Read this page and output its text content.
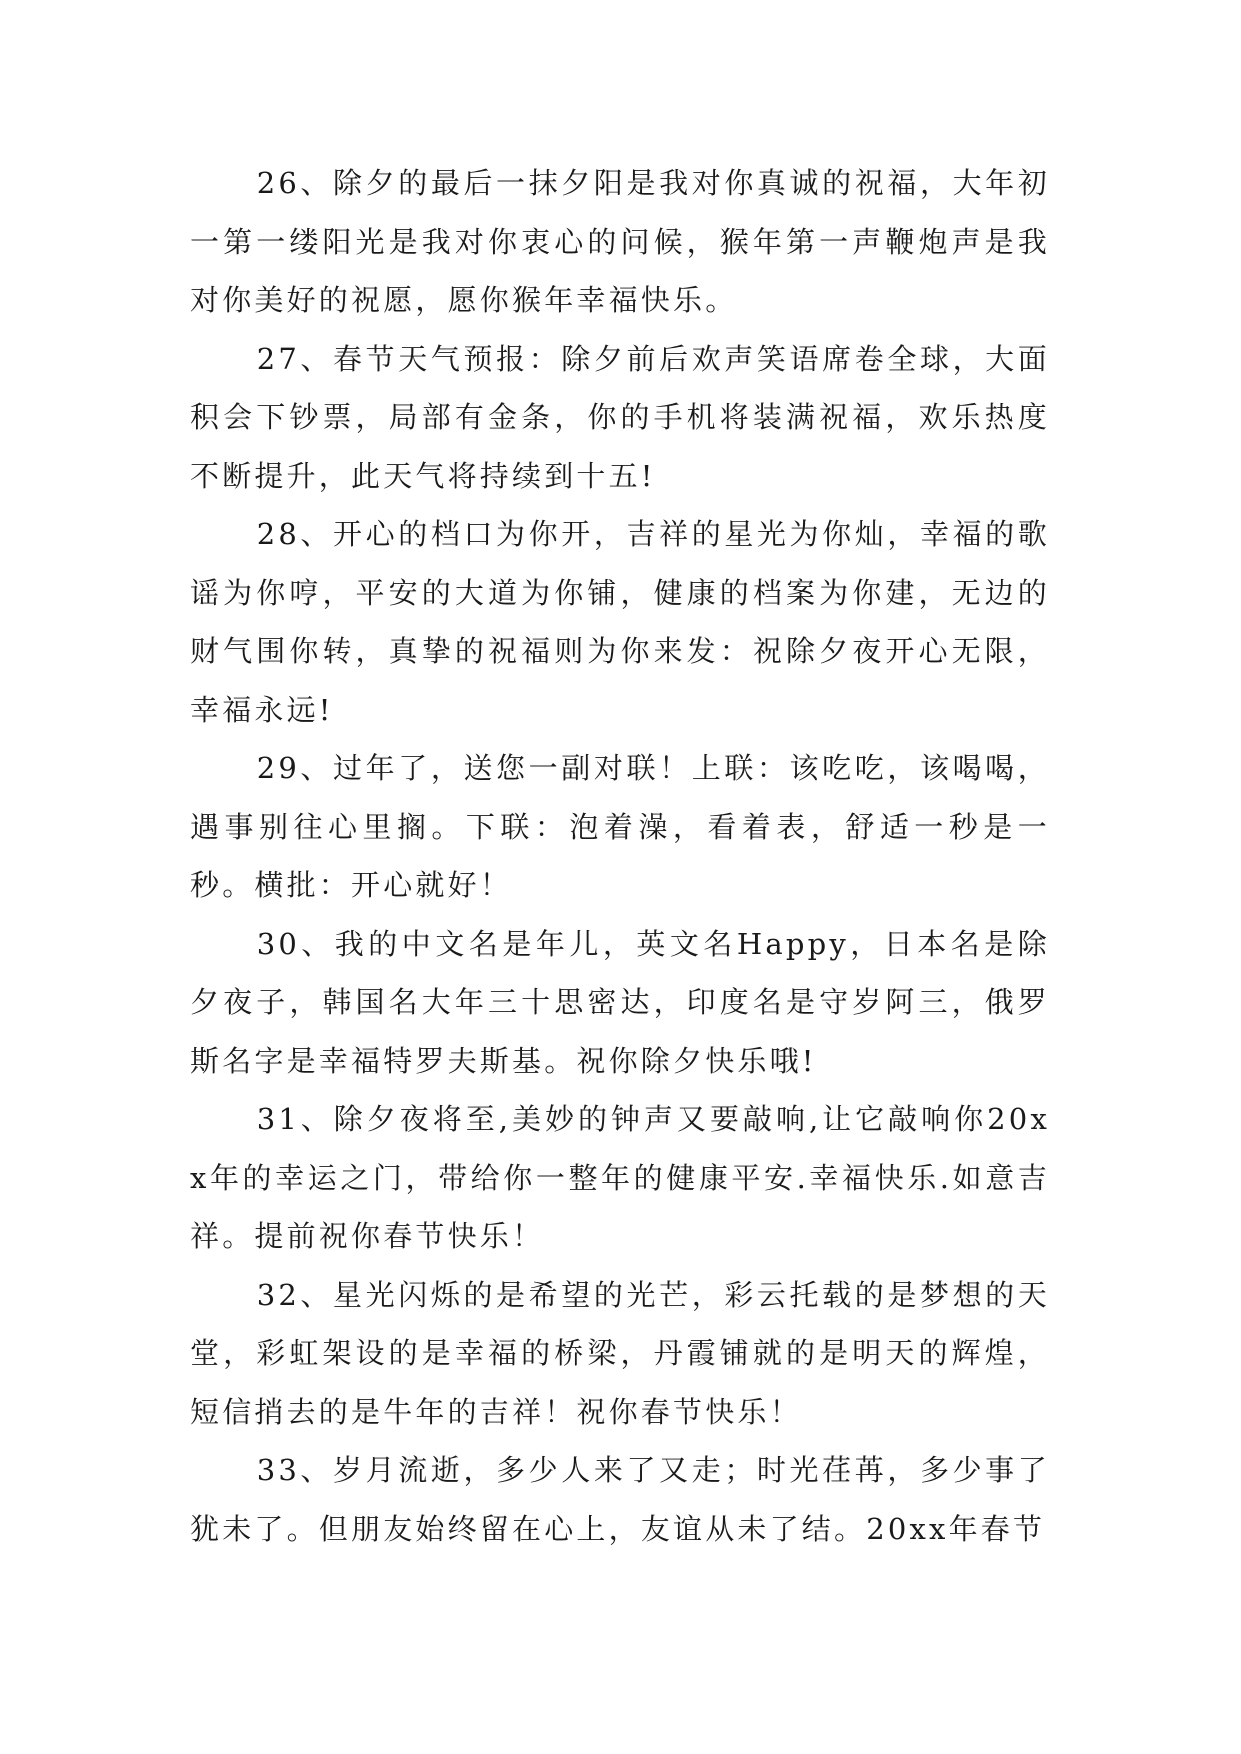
26、除夕的最后一抹夕阳是我对你真诚的祝福，大年初一第一缕阳光是我对你衷心的问候，猴年第一声鞭炮声是我对你美好的祝愿，愿你猴年幸福快乐。

27、春节天气预报：除夕前后欢声笑语席卷全球，大面积会下钞票，局部有金条，你的手机将装满祝福，欢乐热度不断提升，此天气将持续到十五!

28、开心的档口为你开，吉祥的星光为你灿，幸福的歌谣为你哼，平安的大道为你铺，健康的档案为你建，无边的财气围你转，真挚的祝福则为你来发：祝除夕夜开心无限，幸福永远!

29、过年了，送您一副对联！上联：该吃吃，该喝喝，遇事别往心里搁。下联：泡着澡，看着表，舒适一秒是一秒。横批：开心就好！

30、我的中文名是年儿，英文名Happy，日本名是除夕夜子，韩国名大年三十思密达，印度名是守岁阿三，俄罗斯名字是幸福特罗夫斯基。祝你除夕快乐哦!

31、除夕夜将至,美妙的钟声又要敲响,让它敲响你20xx年的幸运之门，带给你一整年的健康平安.幸福快乐.如意吉祥。提前祝你春节快乐！

32、星光闪烁的是希望的光芒，彩云托载的是梦想的天堂，彩虹架设的是幸福的桥梁，丹霞铺就的是明天的辉煌，短信捎去的是牛年的吉祥！祝你春节快乐！

33、岁月流逝，多少人来了又走；时光荏苒，多少事了犹未了。但朋友始终留在心上，友谊从未了结。20xx年春节
